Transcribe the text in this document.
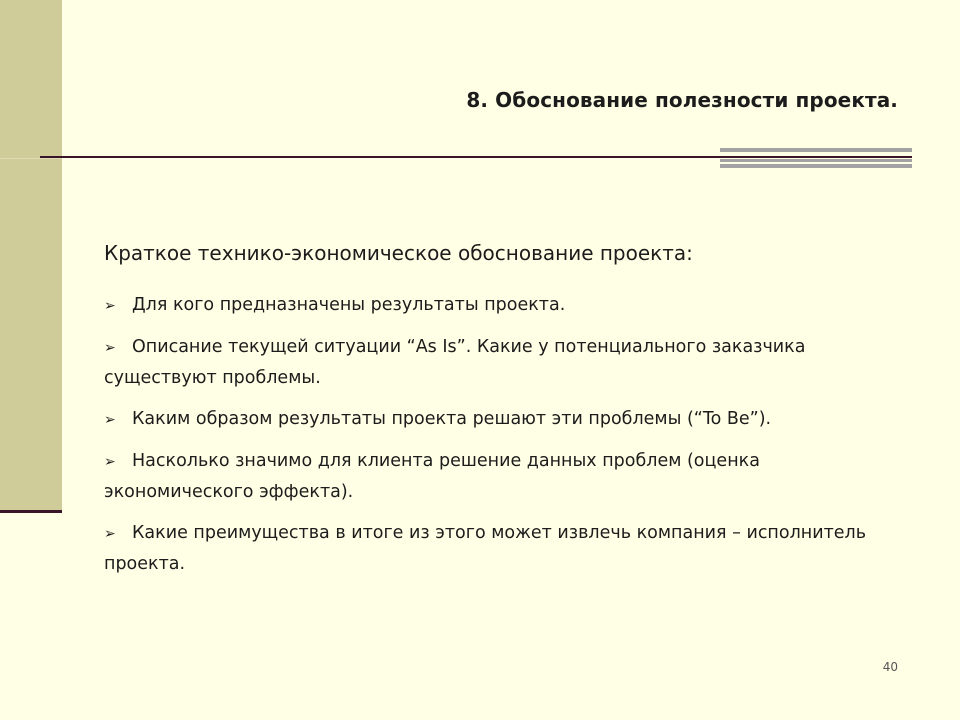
8. Обоснование полезности проекта.

Краткое технико-экономическое обоснование проекта:

➢ Для кого предназначены результаты проекта.
➢ Описание текущей ситуации “As Is”. Какие у потенциального заказчика существуют проблемы.
➢ Каким образом результаты проекта решают эти проблемы (“To Be”).
➢ Насколько значимо для клиента решение данных проблем (оценка экономического эффекта).
➢ Какие преимущества в итоге из этого может извлечь компания – исполнитель проекта.
40
